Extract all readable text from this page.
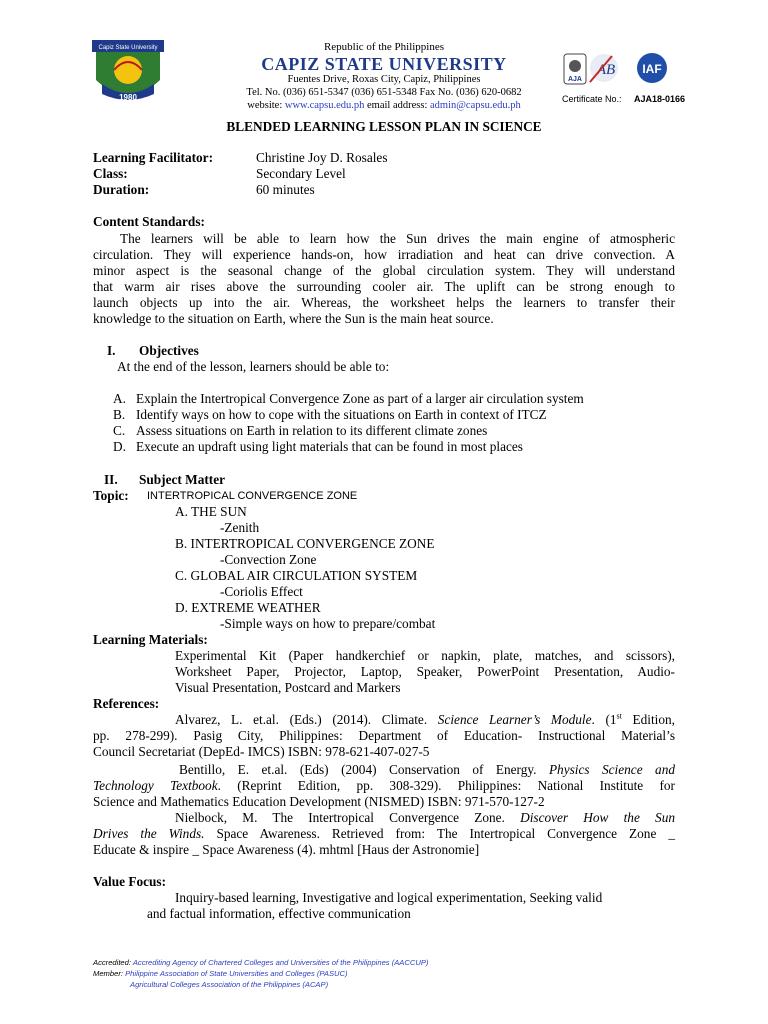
1980
Capiz State University	Republic of the Philippines
CAPIZ STATE UNIVERSITY
Fuentes Drive, Roxas City, Capiz, Philippines
Tel. No. (036) 651-5347 (036) 651-5348 Fax No. (036) 620-0682
website: www.capsu.edu.ph email address: admin@capsu.edu.ph
AJA
AB IAF
Certificate No.: AJA18-0166
BLENDED LEARNING LESSON PLAN IN SCIENCE
Learning Facilitator:	Christine Joy D. Rosales
Class:	Secondary Level
Duration:	60 minutes
Content Standards:
The learners will be able to learn how the Sun drives the main engine of atmospheric
circulation. They will experience hands-on, how irradiation and heat can drive convection. A
minor aspect is the seasonal change of the global circulation system. They will understand
that warm air rises above the surrounding cooler air. The uplift can be strong enough to
launch objects up into the air. Whereas, the worksheet helps the learners to transfer their
knowledge to the situation on Earth, where the Sun is the main heat source.
I. Objectives
At the end of the lesson, learners should be able to:
A. Explain the Intertropical Convergence Zone as part of a larger air circulation system
B. Identify ways on how to cope with the situations on Earth in context of ITCZ
C. Assess situations on Earth in relation to its different climate zones
D. Execute an updraft using light materials that can be found in most places
II. Subject Matter
Topic: INTERTROPICAL CONVERGENCE ZONE
A. THE SUN
-Zenith
B. INTERTROPICAL CONVERGENCE ZONE
-Convection Zone
C. GLOBAL AIR CIRCULATION SYSTEM
-Coriolis Effect
D. EXTREME WEATHER
-Simple ways on how to prepare/combat
Learning Materials:
Experimental Kit (Paper handkerchief or napkin, plate, matches, and scissors),
Worksheet Paper, Projector, Laptop, Speaker, PowerPoint Presentation, Audio-
Visual Presentation, Postcard and Markers
References:
Alvarez, L. et.al. (Eds.) (2014). Climate. Science Learner’s Module. (1st Edition,
pp. 278-299). Pasig City, Philippines: Department of Education- Instructional Material’s
Council Secretariat (DepEd- IMCS) ISBN: 978-621-407-027-5
Bentillo, E. et.al. (Eds) (2004) Conservation of Energy. Physics Science and
Technology Textbook. (Reprint Edition, pp. 308-329). Philippines: National Institute for
Science and Mathematics Education Development (NISMED) ISBN: 971-570-127-2
Nielbock, M. The Intertropical Convergence Zone. Discover How the Sun
Drives the Winds. Space Awareness. Retrieved from: The Intertropical Convergence Zone _
Educate & inspire _ Space Awareness (4). mhtml [Haus der Astronomie]
Value Focus:
Inquiry-based learning, Investigative and logical experimentation, Seeking valid
and factual information, effective communication
Accredited: Accrediting Agency of Chartered Colleges and Universities of the Philippines (AACCUP)
Member: Philippine Association of State Universities and Colleges (PASUC)
Agricultural Colleges Association of the Philippines (ACAP)
